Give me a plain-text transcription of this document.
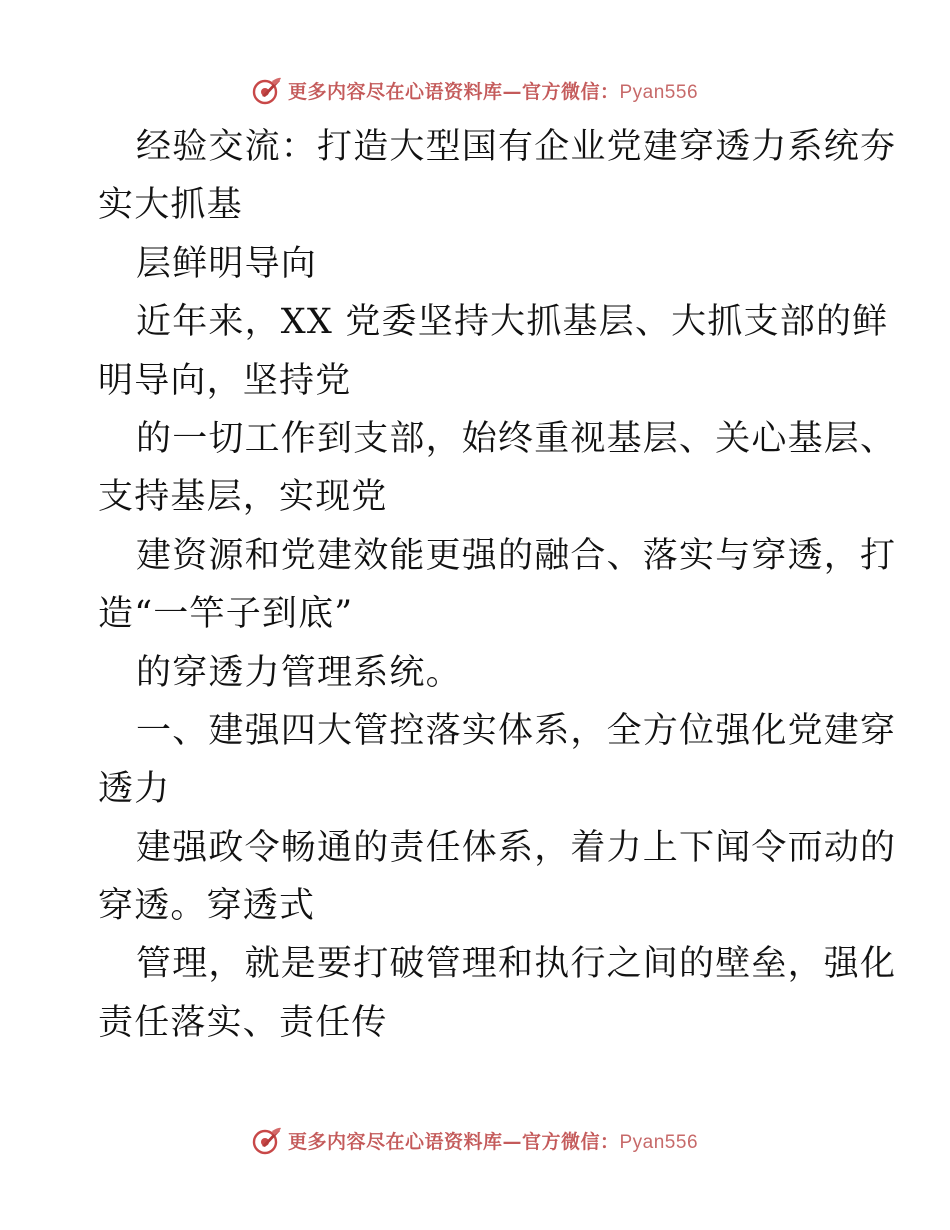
更多内容尽在心语资料库—官方微信：Pyan556
经验交流：打造大型国有企业党建穿透力系统夯
实大抓基
层鲜明导向
近年来，XX 党委坚持大抓基层、大抓支部的鲜
明导向，坚持党
的一切工作到支部，始终重视基层、关心基层、
支持基层，实现党
建资源和党建效能更强的融合、落实与穿透，打
造“一竿子到底”
的穿透力管理系统。
一、建强四大管控落实体系，全方位强化党建穿
透力
建强政令畅通的责任体系，着力上下闻令而动的
穿透。穿透式
管理，就是要打破管理和执行之间的壁垒，强化
责任落实、责任传
更多内容尽在心语资料库—官方微信：Pyan556
